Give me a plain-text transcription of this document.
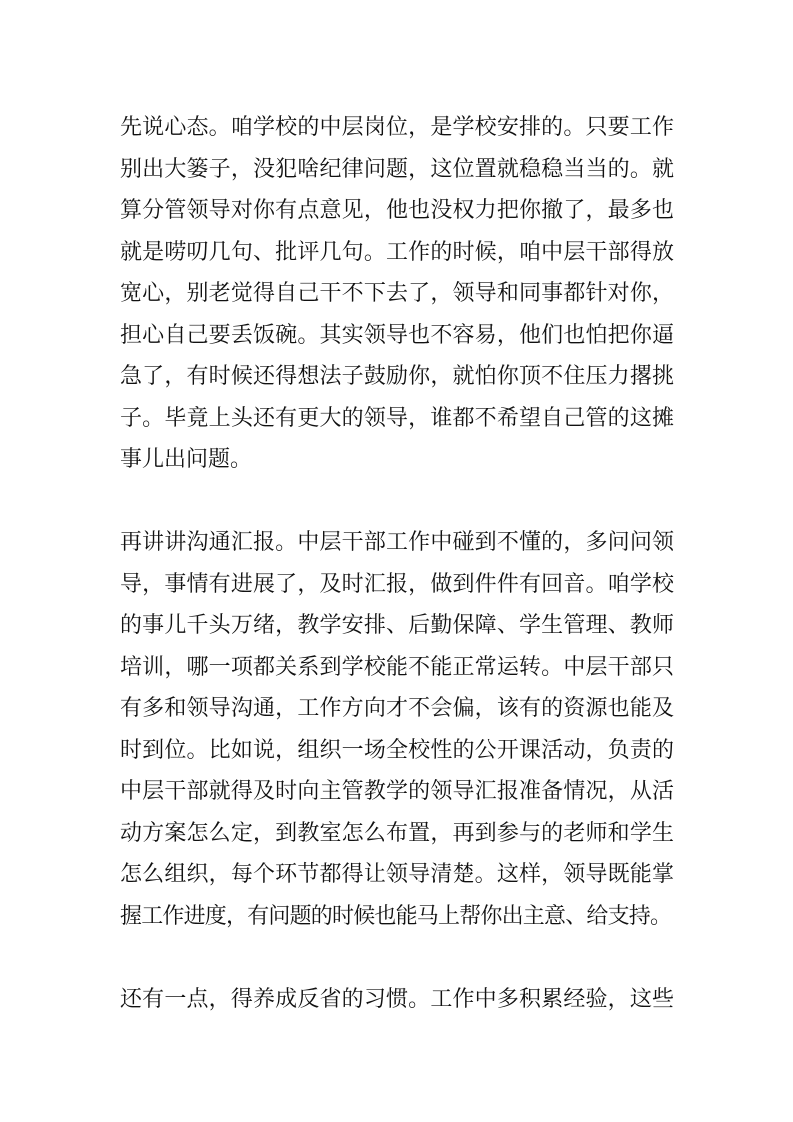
先说心态。咱学校的中层岗位，是学校安排的。只要工作
别出大篓子，没犯啥纪律问题，这位置就稳稳当当的。就
算分管领导对你有点意见，他也没权力把你撤了，最多也
就是唠叨几句、批评几句。工作的时候，咱中层干部得放
宽心，别老觉得自己干不下去了，领导和同事都针对你，
担心自己要丢饭碗。其实领导也不容易，他们也怕把你逼
急了，有时候还得想法子鼓励你，就怕你顶不住压力撂挑
子。毕竟上头还有更大的领导，谁都不希望自己管的这摊
事儿出问题。
再讲讲沟通汇报。中层干部工作中碰到不懂的，多问问领
导，事情有进展了，及时汇报，做到件件有回音。咱学校
的事儿千头万绪，教学安排、后勤保障、学生管理、教师
培训，哪一项都关系到学校能不能正常运转。中层干部只
有多和领导沟通，工作方向才不会偏，该有的资源也能及
时到位。比如说，组织一场全校性的公开课活动，负责的
中层干部就得及时向主管教学的领导汇报准备情况，从活
动方案怎么定，到教室怎么布置，再到参与的老师和学生
怎么组织，每个环节都得让领导清楚。这样，领导既能掌
握工作进度，有问题的时候也能马上帮你出主意、给支持。
还有一点，得养成反省的习惯。工作中多积累经验，这些
